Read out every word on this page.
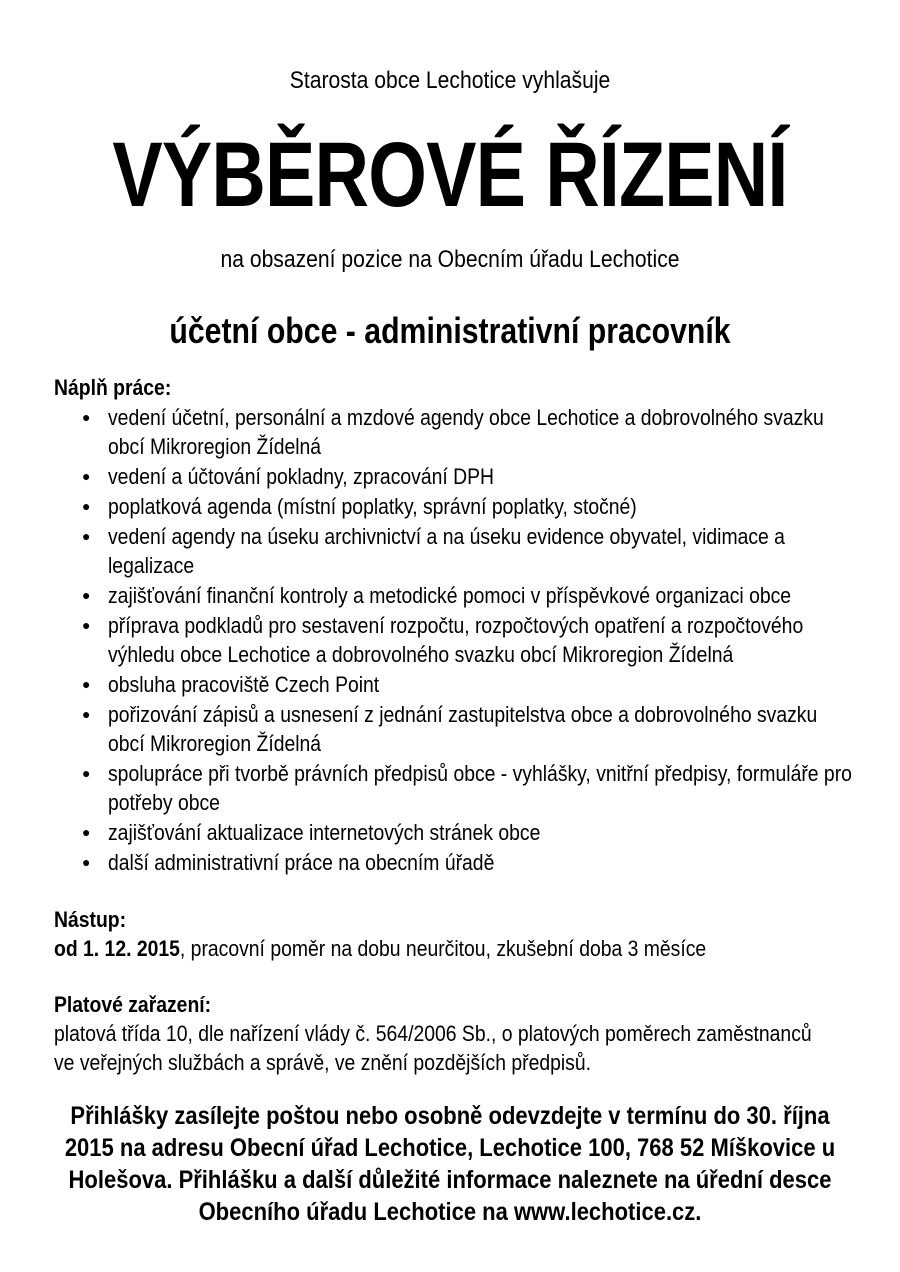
Starosta obce Lechotice vyhlašuje
VÝBĚROVÉ ŘÍZENÍ
na obsazení pozice na Obecním úřadu Lechotice
účetní obce - administrativní pracovník
Náplň práce:
● vedení účetní, personální a mzdové agendy obce Lechotice a dobrovolného svazku obcí Mikroregion Žídelná
● vedení a účtování pokladny, zpracování DPH
● poplatková agenda (místní poplatky, správní poplatky, stočné)
● vedení agendy na úseku archivnictví a na úseku evidence obyvatel, vidimace a legalizace
● zajišťování finanční kontroly a metodické pomoci v příspěvkové organizaci obce
● příprava podkladů pro sestavení rozpočtu, rozpočtových opatření a rozpočtového výhledu obce Lechotice a dobrovolného svazku obcí Mikroregion Žídelná
● obsluha pracoviště Czech Point
● pořizování zápisů a usnesení z jednání zastupitelstva obce a dobrovolného svazku obcí Mikroregion Žídelná
● spolupráce při tvorbě právních předpisů obce - vyhlášky, vnitřní předpisy, formuláře pro potřeby obce
● zajišťování aktualizace internetových stránek obce
● další administrativní práce na obecním úřadě
Nástup:
od 1. 12. 2015, pracovní poměr na dobu neurčitou, zkušební doba 3 měsíce
Platové zařazení:
platová třída 10, dle nařízení vlády č. 564/2006 Sb., o platových poměrech zaměstnanců
ve veřejných službách a správě, ve znění pozdějších předpisů.
Přihlášky zasílejte poštou nebo osobně odevzdejte v termínu do 30. října
2015 na adresu Obecní úřad Lechotice, Lechotice 100, 768 52 Míškovice u
Holešova. Přihlášku a další důležité informace naleznete na úřední desce
Obecního úřadu Lechotice na www.lechotice.cz.
